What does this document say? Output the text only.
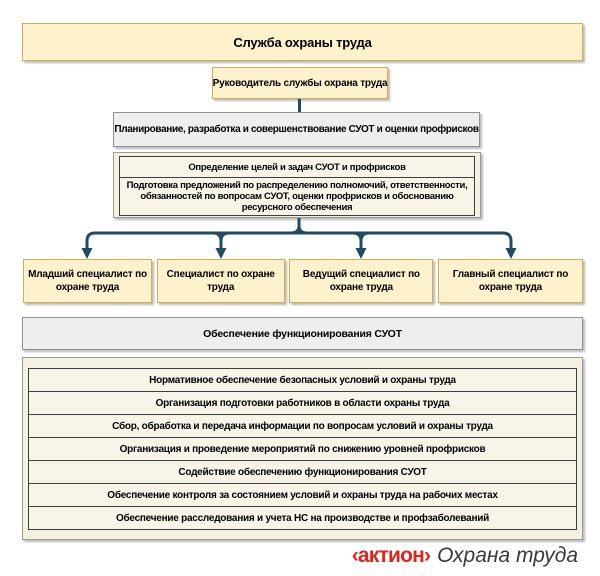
Служба охраны труда
Руководитель службы охрана труда
Планирование, разработка и совершенствование СУОТ и оценки профрисков
Определение целей и задач СУОТ и профрисков
Подготовка предложений по распределению полномочий, ответственности, обязанностей по вопросам СУОТ, оценки профрисков и обоснованию ресурсного обеспечения
Младший специалист по охране труда
Специалист по охране труда
Ведущий специалист по охране труда
Главный специалист по охране труда
Обеспечение функционирования СУОТ
Нормативное обеспечение безопасных условий и охраны труда
Организация подготовки работников в области охраны труда
Сбор, обработка и передача информации по вопросам условий и охраны труда
Организация и проведение мероприятий по снижению уровней профрисков
Содействие обеспечению функционирования СУОТ
Обеспечение контроля за состоянием условий и охраны труда на рабочих местах
Обеспечение расследования и учета НС на производстве и профзаболеваний
‹актион› Охрана труда
